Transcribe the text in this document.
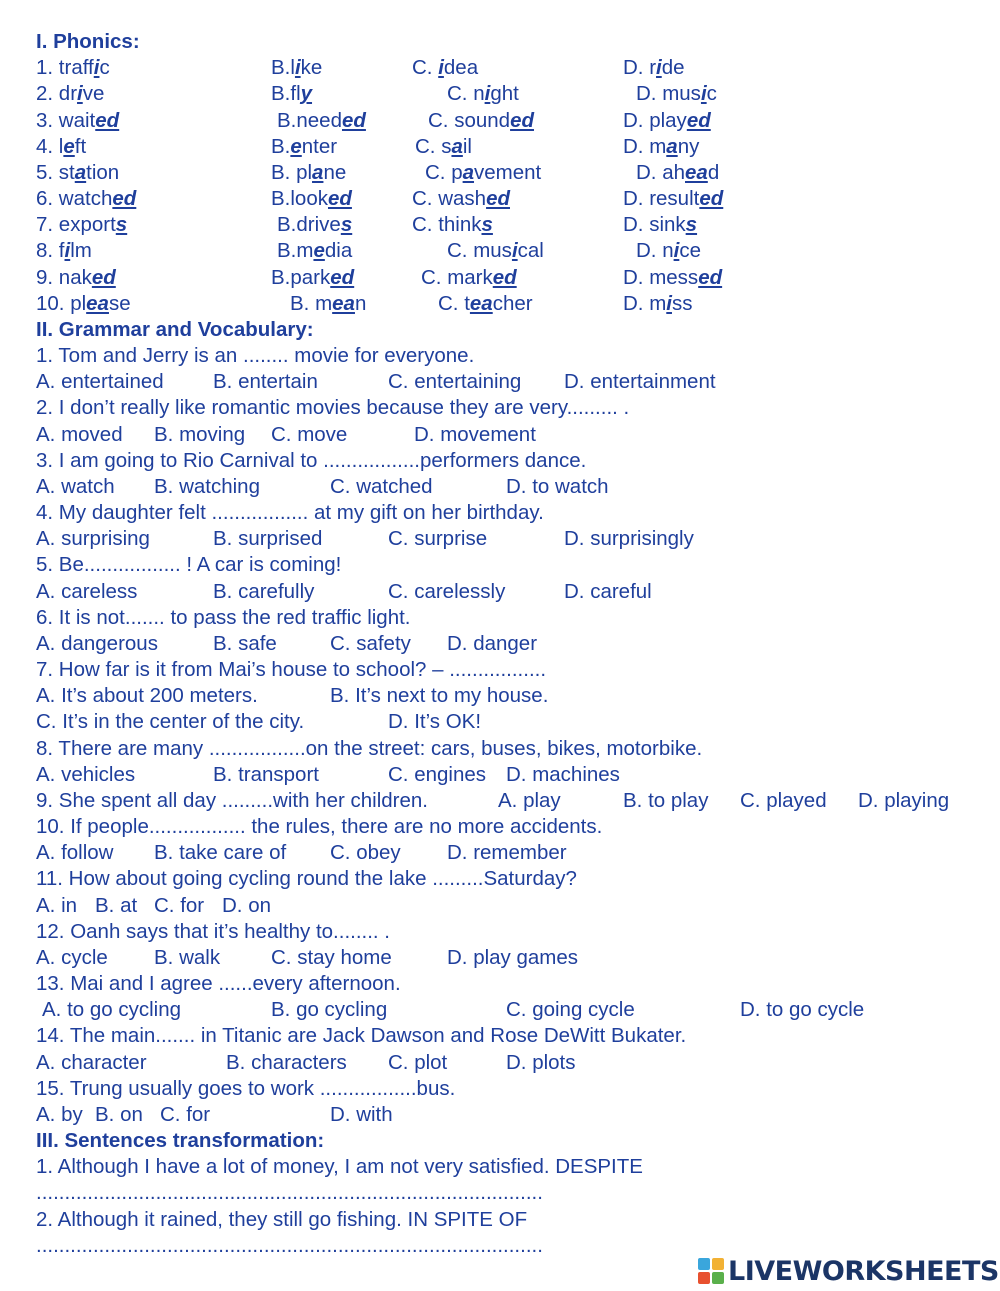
I. Phonics:
1. traffic	B.like	C. idea	D. ride
2. drive	B.fly	C. night	D. music
3. waited	B.needed	C. sounded	D. played
4. left	B.enter	C. sail	D. many
5. station	B. plane	C. pavement	D. ahead
6. watched	B.looked	C. washed	D. resulted
7. exports	B.drives	C. thinks	D. sinks
8. film	B.media	C. musical	D. nice
9. naked	B.parked	C. marked	D. messed
10. please	B. mean	C. teacher	D. miss
II. Grammar and Vocabulary:
1. Tom and Jerry is an ........ movie for everyone.
A. entertained B. entertain	C. entertaining D. entertainment
2. I don’t really like romantic movies because they are very......... .
A. moved B. moving C. move	D. movement
3. I am going to Rio Carnival to .................performers dance.
A. watch B. watching	C. watched	D. to watch
4. My daughter felt ................. at my gift on her birthday.
A. surprising	B. surprised	C. surprise	D. surprisingly
5. Be................. ! A car is coming!
A. careless	B. carefully	C. carelessly	D. careful
6. It is not....... to pass the red traffic light.
A. dangerous	B. safe	C. safety D. danger
7. How far is it from Mai’s house to school? – .................
A. It’s about 200 meters.	B. It’s next to my house.
C. It’s in the center of the city.	D. It’s OK!
8. There are many .................on the street: cars, buses, bikes, motorbike.
A. vehicles	B. transport	C. engines D. machines
9. She spent all day .........with her children.	A. play	B. to play C. played D. playing
10. If people................. the rules, there are no more accidents.
A. follow B. take care of C. obey D. remember
11. How about going cycling round the lake .........Saturday?
A. in B. at C. for D. on
12. Oanh says that it’s healthy to........ .
A. cycle B. walk C. stay home	D. play games
13. Mai and I agree ......every afternoon.
A. to go cycling	B. go cycling	C. going cycle	D. to go cycle
14. The main....... in Titanic are Jack Dawson and Rose DeWitt Bukater.
A. character	B. characters C. plot	D. plots
15. Trung usually goes to work .................bus.
A. by B. on C. for	D. with
III. Sentences transformation:
1. Although I have a lot of money, I am not very satisfied. DESPITE
.........................................................................................
2. Although it rained, they still go fishing. IN SPITE OF
.........................................................................................
LIVEWORKSHEETS
